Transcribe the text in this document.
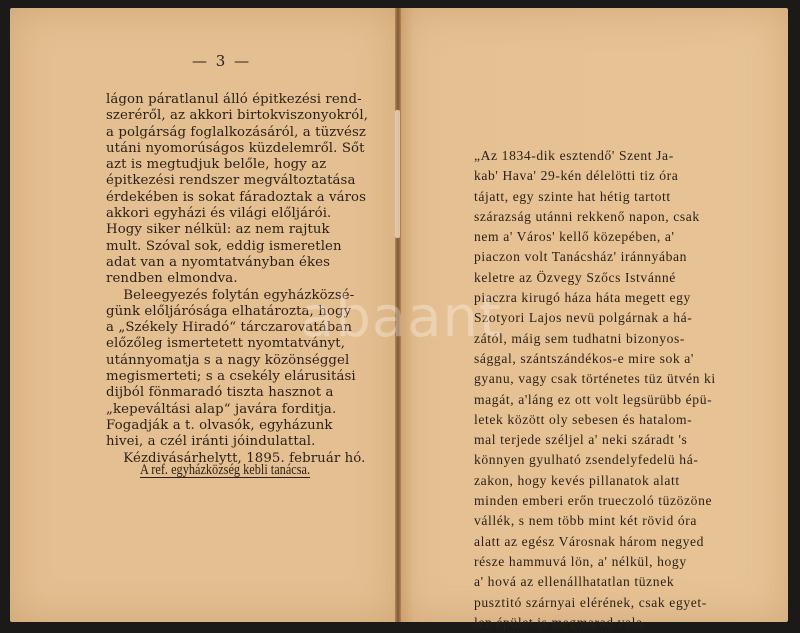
— 3 —
lágon páratlanul álló épitkezési rend-
szeréről, az akkori birtokviszonyokról,
a polgárság foglalkozásáról, a tüzvész
utáni nyomorúságos küzdelemről. Sőt
azt is megtudjuk belőle, hogy az
épitkezési rendszer megváltoztatása
érdekében is sokat fáradoztak a város
akkori egyházi és világi előljárói.
Hogy siker nélkül: az nem rajtuk
mult. Szóval sok, eddig ismeretlen
adat van a nyomtatványban ékes
rendben elmondva.
Beleegyezés folytán egyházközsé-
günk előljárósága elhatározta, hogy
a „Székely Hiradó“ tárczarovatában
előzőleg ismertetett nyomtatványt,
utánnyomatja s a nagy közönséggel
megismerteti; s a csekély elárusitási
dijból fönmaradó tiszta hasznot a
„kepeváltási alap“ javára forditja.
Fogadják a t. olvasók, egyházunk
hivei, a czél iránti jóindulattal.
Kézdivásárhelytt, 1895. február hó.
A ref. egyházközség kebli tanácsa.
„Az 1834-dik esztendő' Szent Ja-
kab' Hava' 29-kén délelötti tiz óra
tájatt, egy szinte hat hétig tartott
szárazság utánni rekkenő napon, csak
nem a' Város' kellő közepében, a'
piaczon volt Tanácsház' iránnyában
keletre az Özvegy Szőcs Istvánné
piaczra kirugó háza háta megett egy
Szotyori Lajos nevü polgárnak a há-
zától, máig sem tudhatni bizonyos-
sággal, szántszándékos-e mire sok a'
gyanu, vagy csak történetes tüz ütvén ki
magát, a'láng ez ott volt legsürübb épü-
letek között oly sebesen és hatalom-
mal terjede széljel a' neki száradt 's
könnyen gyulható zsendelyfedelü há-
zakon, hogy kevés pillanatok alatt
minden emberi erőn trueczoló tüzözöne
vállék, s nem több mint két rövid óra
alatt az egész Városnak három negyed
része hammuvá lön, a' nélkül, hogy
a' hová az ellenállhatatlan tüznek
pusztitó szárnyai elérének, csak egyet-
len épület is megmarad vala.
abaant
